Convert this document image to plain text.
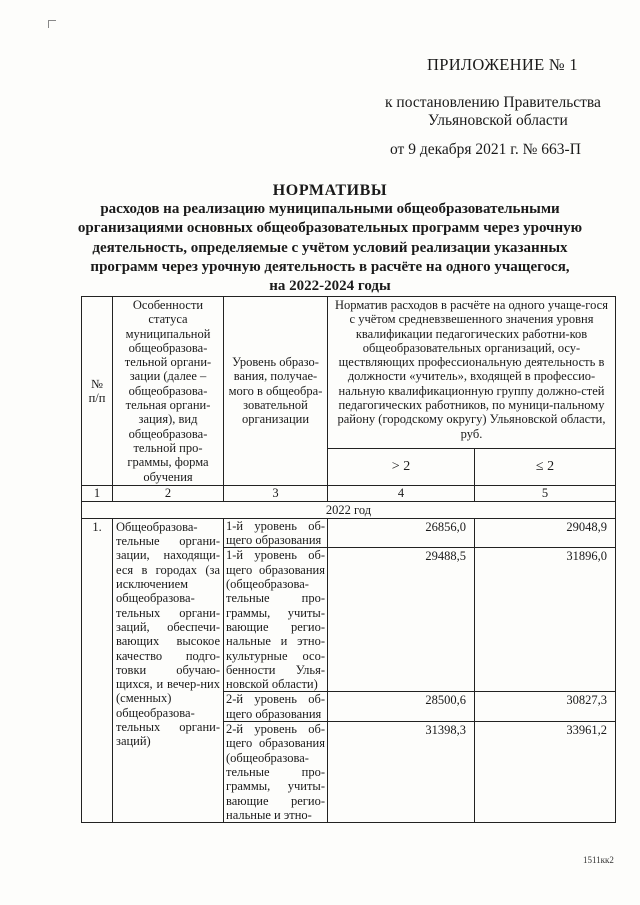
ПРИЛОЖЕНИЕ № 1
к постановлению Правительства
Ульяновской области
от 9 декабря 2021 г. № 663-П
НОРМАТИВЫ
расходов на реализацию муниципальными общеобразовательными
организациями основных общеобразовательных программ через урочную
деятельность, определяемые с учётом условий реализации указанных
программ через урочную деятельность в расчёте на одного учащегося,
на 2022-2024 годы
№ п/п	Особенности статуса муниципальной общеобразова-тельной органи-зации (далее – общеобразова-тельная органи-зация), вид общеобразова-тельной про-граммы, форма обучения	Уровень образо-вания, получае-мого в общеобра-зовательной организации	Норматив расходов в расчёте на одного учаще-гося с учётом средневзвешенного значения уровня квалификации педагогических работни-ков общеобразовательных организаций, осу-ществляющих профессиональную деятельность в должности «учитель», входящей в профессио-нальную квалификационную группу должно-стей педагогических работников, по муници-пальному району (городскому округу) Ульяновской области, руб.	
			> 2	≤ 2
1	2	3	4	5
2022 год				
1.	Общеобразова-тельные органи-зации, находящи-еся в городах (за исключением общеобразова-тельных органи-заций, обеспечи-вающих высокое качество подго-товки обучаю-щихся, и вечер-них (сменных) общеобразова-тельных органи-заций)	1-й уровень об-щего образования	26856,0	29048,9
		1-й уровень об-щего образования (общеобразова-тельные про-граммы, учиты-вающие регио-нальные и этно-культурные осо-бенности Улья-новской области)	29488,5	31896,0
		2-й уровень об-щего образования	28500,6	30827,3
		2-й уровень об-щего образования (общеобразова-тельные про-граммы, учиты-вающие регио-нальные и этно-	31398,3	33961,2
1511кк2
